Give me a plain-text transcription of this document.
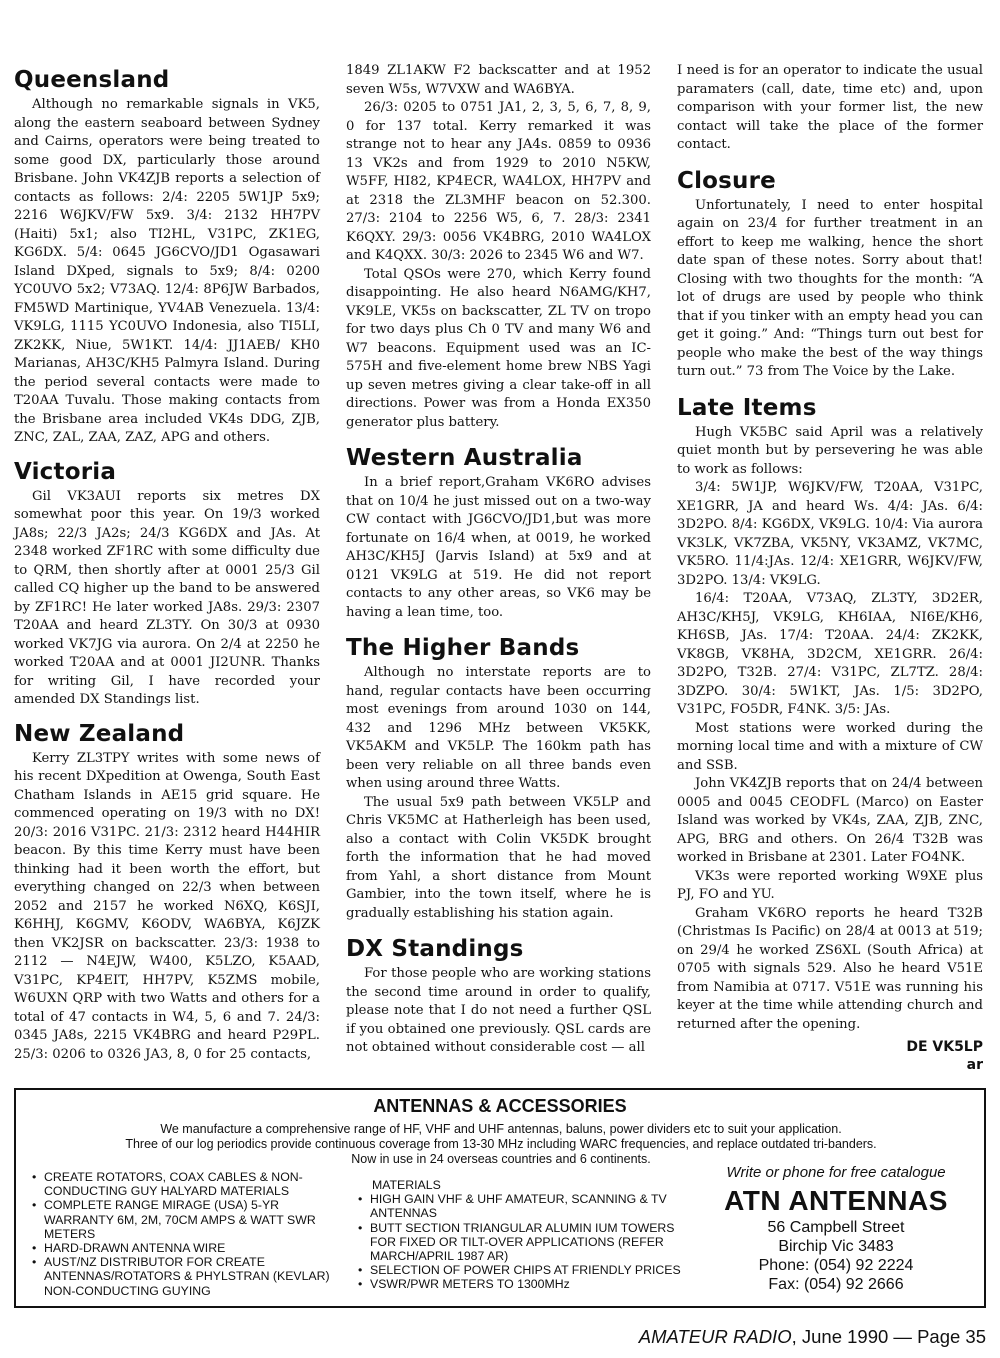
Queensland

Although no remarkable signals in VK5, along the eastern seaboard between Sydney and Cairns, operators were being treated to some good DX, particularly those around Brisbane. John VK4ZJB reports a selection of contacts as follows: 2/4: 2205 5W1JP 5x9; 2216 W6JKV/FW 5x9. 3/4: 2132 HH7PV (Haiti) 5x1; also TI2HL, V31PC, ZK1EG, KG6DX. 5/4: 0645 JG6CVO/JD1 Ogasawari Island DXped, signals to 5x9; 8/4: 0200 YC0UVO 5x2; V73AQ. 12/4: 8P6JW Barbados, FM5WD Martinique, YV4AB Venezuela. 13/4: VK9LG, 1115 YC0UVO Indonesia, also TI5LI, ZK2KK, Niue, 5W1KT. 14/4: JJ1AEB/ KH0 Marianas, AH3C/KH5 Palmyra Island. During the period several contacts were made to T20AA Tuvalu. Those making contacts from the Brisbane area included VK4s DDG, ZJB, ZNC, ZAL, ZAA, ZAZ, APG and others.

Victoria

Gil VK3AUI reports six metres DX somewhat poor this year. On 19/3 worked JA8s; 22/3 JA2s; 24/3 KG6DX and JAs. At 2348 worked ZF1RC with some difficulty due to QRM, then shortly after at 0001 25/3 Gil called CQ higher up the band to be answered by ZF1RC! He later worked JA8s. 29/3: 2307 T20AA and heard ZL3TY. On 30/3 at 0930 worked VK7JG via aurora. On 2/4 at 2250 he worked T20AA and at 0001 JI2UNR. Thanks for writing Gil, I have recorded your amended DX Standings list.

New Zealand

Kerry ZL3TPY writes with some news of his recent DXpedition at Owenga, South East Chatham Islands in AE15 grid square. He commenced operating on 19/3 with no DX! 20/3: 2016 V31PC. 21/3: 2312 heard H44HIR beacon. By this time Kerry must have been thinking had it been worth the effort, but everything changed on 22/3 when between 2052 and 2157 he worked N6XQ, K6SJI, K6HHJ, K6GMV, K6ODV, WA6BYA, K6JZK then VK2JSR on backscatter. 23/3: 1938 to 2112 — N4EJW, W400, K5LZO, K5AAD, V31PC, KP4EIT, HH7PV, K5ZMS mobile, W6UXN QRP with two Watts and others for a total of 47 contacts in W4, 5, 6 and 7. 24/3: 0345 JA8s, 2215 VK4BRG and heard P29PL. 25/3: 0206 to 0326 JA3, 8, 0 for 25 contacts,

1849 ZL1AKW F2 backscatter and at 1952 seven W5s, W7VXW and WA6BYA.

26/3: 0205 to 0751 JA1, 2, 3, 5, 6, 7, 8, 9, 0 for 137 total. Kerry remarked it was strange not to hear any JA4s. 0859 to 0936 13 VK2s and from 1929 to 2010 N5KW, W5FF, HI82, KP4ECR, WA4LOX, HH7PV and at 2318 the ZL3MHF beacon on 52.300. 27/3: 2104 to 2256 W5, 6, 7. 28/3: 2341 K6QXY. 29/3: 0056 VK4BRG, 2010 WA4LOX and K4QXX. 30/3: 2026 to 2345 W6 and W7.

Total QSOs were 270, which Kerry found disappointing. He also heard N6AMG/KH7, VK9LE, VK5s on backscatter, ZL TV on tropo for two days plus Ch 0 TV and many W6 and W7 beacons. Equipment used was an IC-575H and five-element home brew NBS Yagi up seven metres giving a clear take-off in all directions. Power was from a Honda EX350 generator plus battery.

Western Australia

In a brief report,Graham VK6RO advises that on 10/4 he just missed out on a two-way CW contact with JG6CVO/JD1,but was more fortunate on 16/4 when, at 0019, he worked AH3C/KH5J (Jarvis Island) at 5x9 and at 0121 VK9LG at 519. He did not report contacts to any other areas, so VK6 may be having a lean time, too.

The Higher Bands

Although no interstate reports are to hand, regular contacts have been occurring most evenings from around 1030 on 144, 432 and 1296 MHz between VK5KK, VK5AKM and VK5LP. The 160km path has been very reliable on all three bands even when using around three Watts.

The usual 5x9 path between VK5LP and Chris VK5MC at Hatherleigh has been used, also a contact with Colin VK5DK brought forth the information that he had moved from Yahl, a short distance from Mount Gambier, into the town itself, where he is gradually establishing his station again.

DX Standings

For those people who are working stations the second time around in order to qualify, please note that I do not need a further QSL if you obtained one previously. QSL cards are not obtained without considerable cost — all

I need is for an operator to indicate the usual paramaters (call, date, time etc) and, upon comparison with your former list, the new contact will take the place of the former contact.

Closure

Unfortunately, I need to enter hospital again on 23/4 for further treatment in an effort to keep me walking, hence the short date span of these notes. Sorry about that! Closing with two thoughts for the month: “A lot of drugs are used by people who think that if you tinker with an empty head you can get it going.” And: “Things turn out best for people who make the best of the way things turn out.” 73 from The Voice by the Lake.

Late Items

Hugh VK5BC said April was a relatively quiet month but by persevering he was able to work as follows:

3/4: 5W1JP, W6JKV/FW, T20AA, V31PC, XE1GRR, JA and heard Ws. 4/4: JAs. 6/4: 3D2PO. 8/4: KG6DX, VK9LG. 10/4: Via aurora VK3LK, VK7ZBA, VK5NY, VK3AMZ, VK7MC, VK5RO. 11/4:JAs. 12/4: XE1GRR, W6JKV/FW, 3D2PO. 13/4: VK9LG.

16/4: T20AA, V73AQ, ZL3TY, 3D2ER, AH3C/KH5J, VK9LG, KH6IAA, NI6E/KH6, KH6SB, JAs. 17/4: T20AA. 24/4: ZK2KK, VK8GB, VK8HA, 3D2CM, XE1GRR. 26/4: 3D2PO, T32B. 27/4: V31PC, ZL7TZ. 28/4: 3DZPO. 30/4: 5W1KT, JAs. 1/5: 3D2PO, V31PC, FO5DR, F4NK. 3/5: JAs.

Most stations were worked during the morning local time and with a mixture of CW and SSB.

John VK4ZJB reports that on 24/4 between 0005 and 0045 CEODFL (Marco) on Easter Island was worked by VK4s, ZAA, ZJB, ZNC, APG, BRG and others. On 26/4 T32B was worked in Brisbane at 2301. Later FO4NK.

VK3s were reported working W9XE plus PJ, FO and YU.

Graham VK6RO reports he heard T32B (Christmas Is Pacific) on 28/4 at 0013 at 519; on 29/4 he worked ZS6XL (South Africa) at 0705 with signals 529. Also he heard V51E from Namibia at 0717. V51E was running his keyer at the time while attending church and returned after the opening.

DE VK5LP

ar

ANTENNAS & ACCESSORIES
We manufacture a comprehensive range of HF, VHF and UHF antennas, baluns, power dividers etc to suit your application.
Three of our log periodics provide continuous coverage from 13-30 MHz including WARC frequencies, and replace outdated tri-banders.
Now in use in 24 overseas countries and 6 continents.
• CREATE ROTATORS, COAX CABLES & NON-CONDUCTING GUY HALYARD MATERIALS
• COMPLETE RANGE MIRAGE (USA) 5-YR WARRANTY 6M, 2M, 70CM AMPS & WATT SWR METERS
• HARD-DRAWN ANTENNA WIRE
• AUST/NZ DISTRIBUTOR FOR CREATE ANTENNAS/ROTATORS & PHYLSTRAN (KEVLAR) NON-CONDUCTING GUYING
MATERIALS
• HIGH GAIN VHF & UHF AMATEUR, SCANNING & TV ANTENNAS
• BUTT SECTION TRIANGULAR ALUMIN IUM TOWERS FOR FIXED OR TILT-OVER APPLICATIONS (REFER MARCH/APRIL 1987 AR)
• SELECTION OF POWER CHIPS AT FRIENDLY PRICES
• VSWR/PWR METERS TO 1300MHz
Write or phone for free catalogue
ATN ANTENNAS
56 Campbell Street
Birchip Vic 3483
Phone: (054) 92 2224
Fax: (054) 92 2666
AMATEUR RADIO, June 1990 — Page 35
